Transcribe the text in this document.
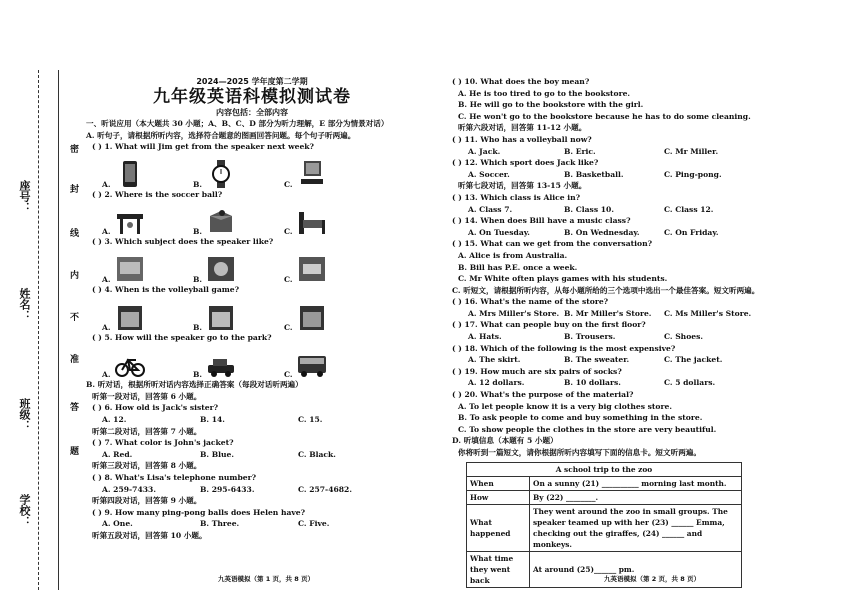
学校：
班级：
姓名：
座号：
密
封
线
内
不
准
答
题
2024—2025 学年度第二学期
九年级英语科模拟测试卷
内容包括：全部内容
一、听说应用（本大题共 30 小题；A、B、C、D 部分为听力理解，E 部分为情景对话）
A. 听句子，请根据所听内容，选择符合题意的图画回答问题。每个句子听两遍。
( ) 1. What will Jim get from the speaker next week?
A.	B.	C.
( ) 2. Where is the soccer ball?
A.	B.	C.
( ) 3. Which subject does the speaker like?
A.	B.	C.
( ) 4. When is the volleyball game?
A.	B.	C.
( ) 5. How will the speaker go to the park?
A.	B.	C.
B. 听对话，根据所听对话内容选择正确答案（每段对话听两遍）
听第一段对话，回答第 6 小题。
( ) 6. How old is Jack's sister?
A. 12.	B. 14.	C. 15.
听第二段对话，回答第 7 小题。
( ) 7. What color is John's jacket?
A. Red.	B. Blue.	C. Black.
听第三段对话，回答第 8 小题。
( ) 8. What's Lisa's telephone number?
A. 259-7433.	B. 295-6433.	C. 257-4682.
听第四段对话，回答第 9 小题。
( ) 9. How many ping-pong balls does Helen have?
A. One.	B. Three.	C. Five.
听第五段对话，回答第 10 小题。
九英语模拟（第 1 页，共 8 页）
( ) 10. What does the boy mean?
A. He is too tired to go to the bookstore.
B. He will go to the bookstore with the girl.
C. He won't go to the bookstore because he has to do some cleaning.
听第六段对话，回答第 11-12 小题。
( ) 11. Who has a volleyball now?
A. Jack.	B. Eric.	C. Mr Miller.
( ) 12. Which sport does Jack like?
A. Soccer.	B. Basketball.	C. Ping-pong.
听第七段对话，回答第 13-15 小题。
( ) 13. Which class is Alice in?
A. Class 7.	B. Class 10.	C. Class 12.
( ) 14. When does Bill have a music class?
A. On Tuesday.	B. On Wednesday.	C. On Friday.
( ) 15. What can we get from the conversation?
A. Alice is from Australia.
B. Bill has P.E. once a week.
C. Mr White often plays games with his students.
C. 听短文，请根据所听内容，从每小题所给的三个选项中选出一个最佳答案。短文听两遍。
( ) 16. What's the name of the store?
A. Mrs Miller's Store. B. Mr Miller's Store.	C. Ms Miller's Store.
( ) 17. What can people buy on the first floor?
A. Hats.	B. Trousers.	C. Shoes.
( ) 18. Which of the following is the most expensive?
A. The skirt.	B. The sweater.	C. The jacket.
( ) 19. How much are six pairs of socks?
A. 12 dollars.	B. 10 dollars.	C. 5 dollars.
( ) 20. What's the purpose of the material?
A. To let people know it is a very big clothes store.
B. To ask people to come and buy something in the store.
C. To show people the clothes in the store are very beautiful.
D. 听填信息（本题有 5 小题）
你将听到一篇短文，请你根据所听内容填写下面的信息卡。短文听两遍。
A school trip to the zoo	
When	On a sunny (21) __________ morning last month.
How	By (22) ________.
What happened	They went around the zoo in small groups. The speaker teamed up with her (23) ______ Emma, checking out the giraffes, (24) ______ and monkeys.
What time they went back	At around (25)______ pm.
九英语模拟（第 2 页，共 8 页）
